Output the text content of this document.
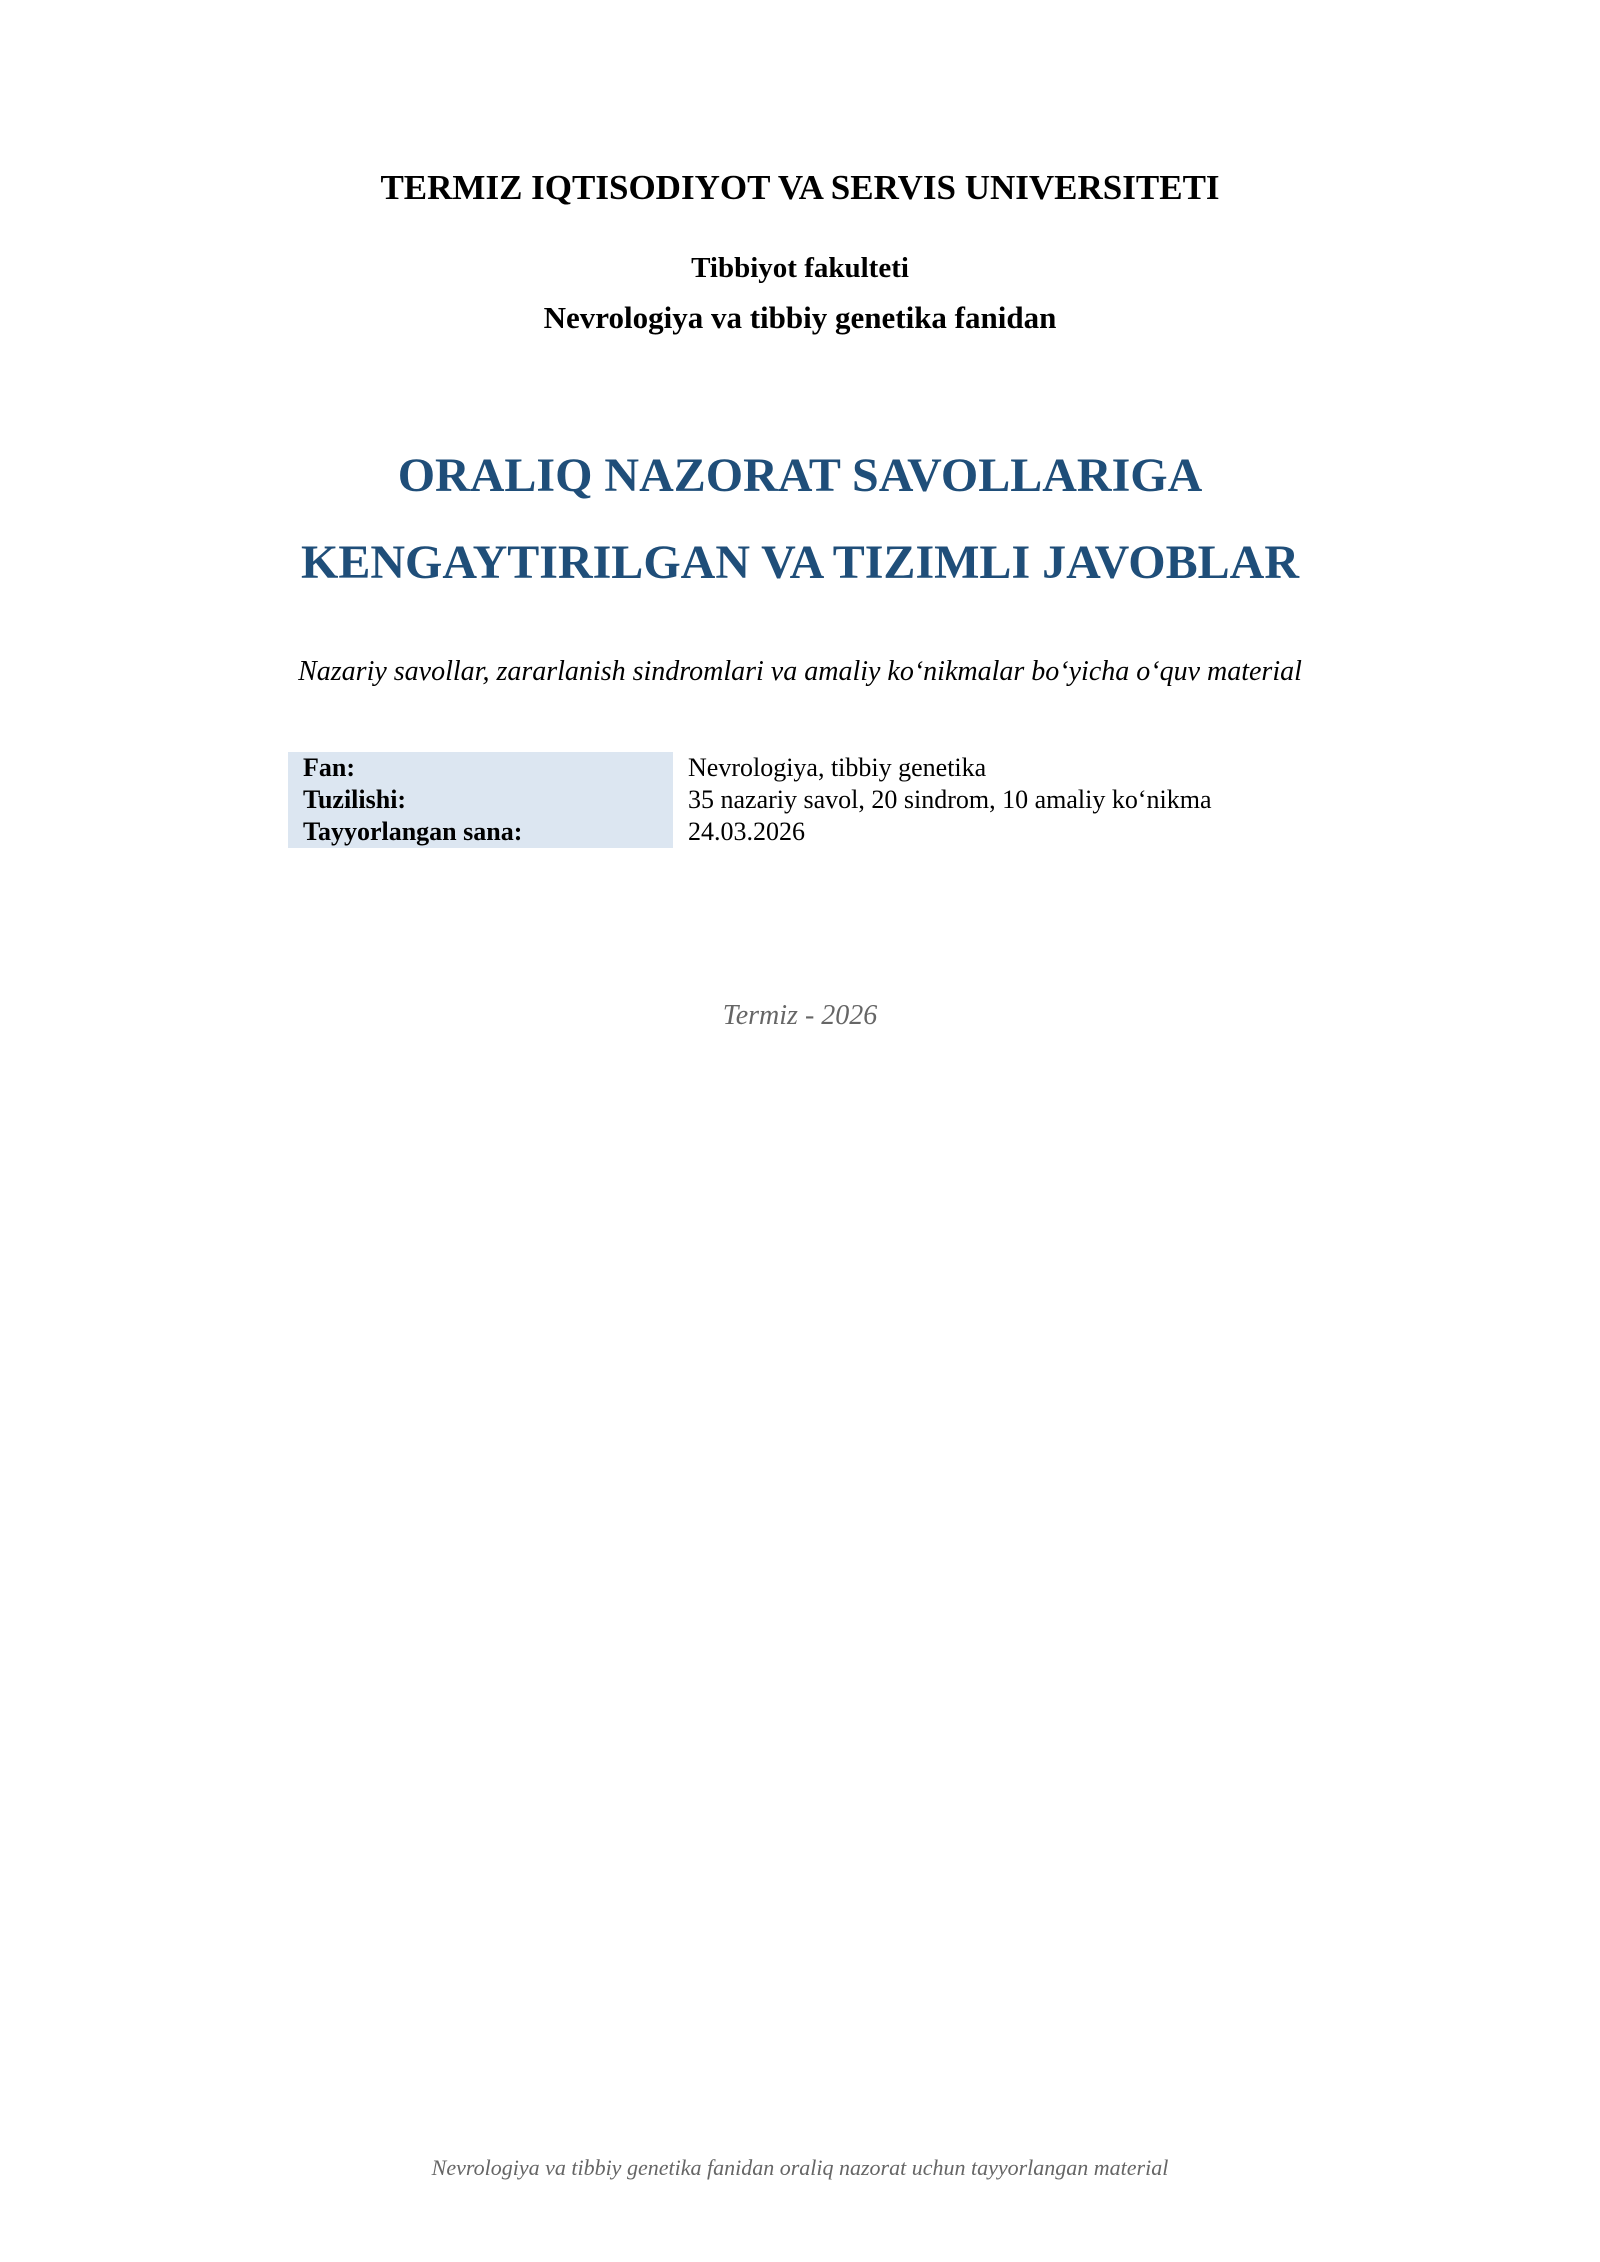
TERMIZ IQTISODIYOT VA SERVIS UNIVERSITETI
Tibbiyot fakulteti
Nevrologiya va tibbiy genetika fanidan
ORALIQ NAZORAT SAVOLLARIGA
KENGAYTIRILGAN VA TIZIMLI JAVOBLAR
Nazariy savollar, zararlanish sindromlari va amaliy ko‘nikmalar bo‘yicha o‘quv material
Fan:	Nevrologiya, tibbiy genetika
Tuzilishi:	35 nazariy savol, 20 sindrom, 10 amaliy ko‘nikma
Tayyorlangan sana:	24.03.2026
Termiz - 2026
Nevrologiya va tibbiy genetika fanidan oraliq nazorat uchun tayyorlangan material
